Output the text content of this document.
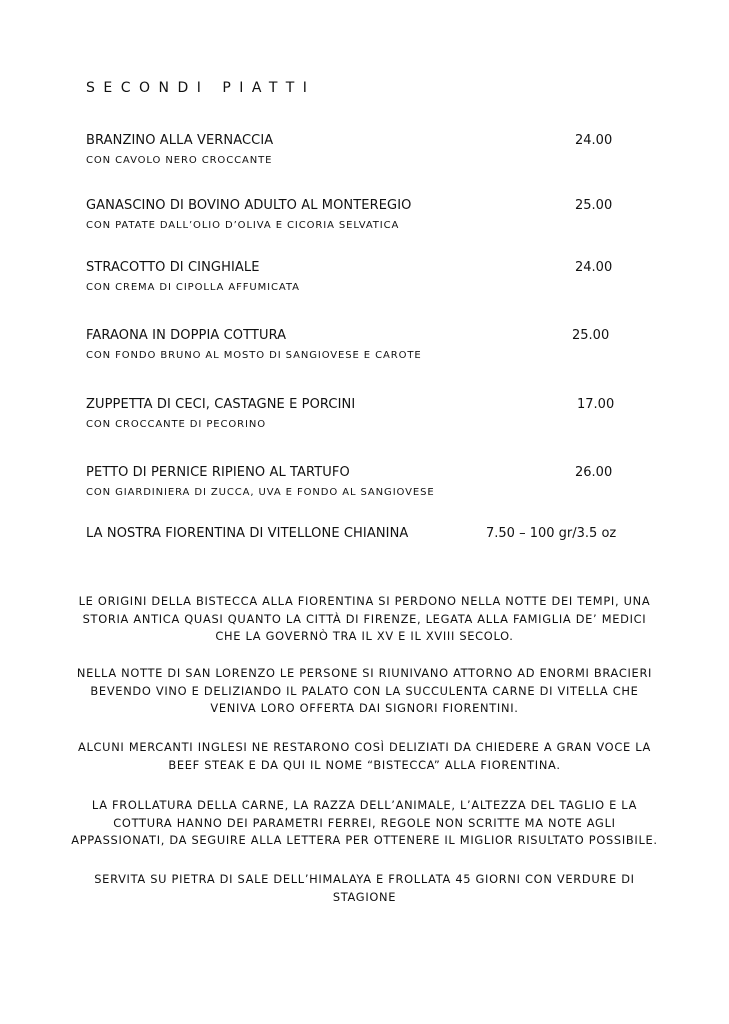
SECONDI PIATTI
BRANZINO ALLA VERNACCIA	24.00
CON CAVOLO NERO CROCCANTE
GANASCINO DI BOVINO ADULTO AL MONTEREGIO	25.00
CON PATATE DALL’OLIO D’OLIVA E CICORIA SELVATICA
STRACOTTO DI CINGHIALE	24.00
CON CREMA DI CIPOLLA AFFUMICATA
FARAONA IN DOPPIA COTTURA	25.00
CON FONDO BRUNO AL MOSTO DI SANGIOVESE E CAROTE
ZUPPETTA DI CECI, CASTAGNE E PORCINI	17.00
CON CROCCANTE DI PECORINO
PETTO DI PERNICE RIPIENO AL TARTUFO	26.00
CON GIARDINIERA DI ZUCCA, UVA E FONDO AL SANGIOVESE
LA NOSTRA FIORENTINA DI VITELLONE CHIANINA	7.50 – 100 gr/3.5 oz

LE ORIGINI DELLA BISTECCA ALLA FIORENTINA SI PERDONO NELLA NOTTE DEI TEMPI, UNA

STORIA ANTICA QUASI QUANTO LA CITTÀ DI FIRENZE, LEGATA ALLA FAMIGLIA DE’ MEDICI

CHE LA GOVERNÒ TRA IL XV E IL XVIII SECOLO.

NELLA NOTTE DI SAN LORENZO LE PERSONE SI RIUNIVANO ATTORNO AD ENORMI BRACIERI

BEVENDO VINO E DELIZIANDO IL PALATO CON LA SUCCULENTA CARNE DI VITELLA CHE

VENIVA LORO OFFERTA DAI SIGNORI FIORENTINI.

ALCUNI MERCANTI INGLESI NE RESTARONO COSÌ DELIZIATI DA CHIEDERE A GRAN VOCE LA

BEEF STEAK E DA QUI IL NOME “BISTECCA” ALLA FIORENTINA.

LA FROLLATURA DELLA CARNE, LA RAZZA DELL’ANIMALE, L’ALTEZZA DEL TAGLIO E LA

COTTURA HANNO DEI PARAMETRI FERREI, REGOLE NON SCRITTE MA NOTE AGLI

APPASSIONATI, DA SEGUIRE ALLA LETTERA PER OTTENERE IL MIGLIOR RISULTATO POSSIBILE.

SERVITA SU PIETRA DI SALE DELL’HIMALAYA E FROLLATA 45 GIORNI CON VERDURE DI

STAGIONE
